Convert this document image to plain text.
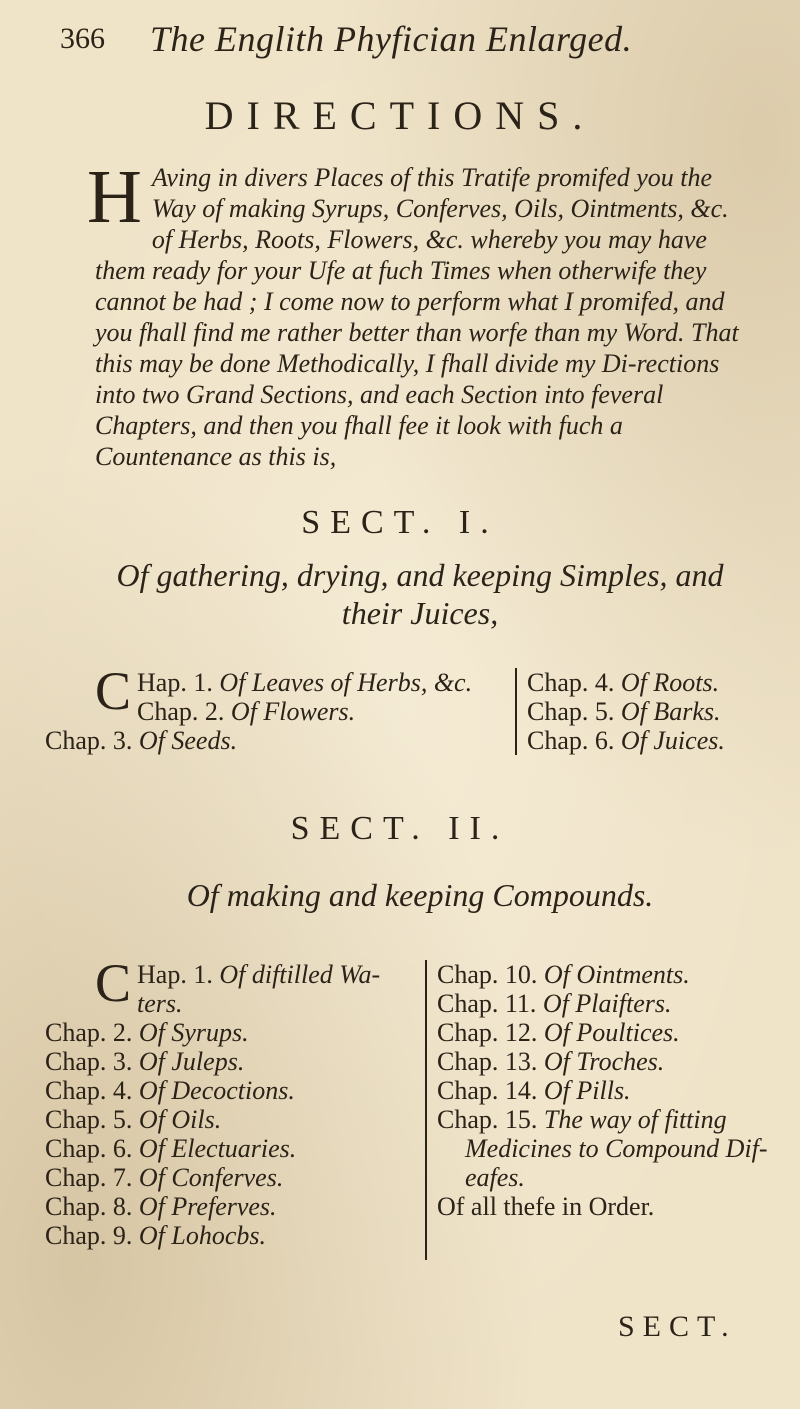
366 The Englith Phyfician Enlarged.
DIRECTIONS.
H Aving in divers Places of this Tratife promifed you the Way of making Syrups, Conferves, Oils, Ointments, &c. of Herbs, Roots, Flowers, &c. whereby you may have them ready for your Ufe at fuch Times when otherwife they cannot be had ; I come now to perform what I promifed, and you fhall find me rather better than worfe than my Word. That this may be done Methodically, I fhall divide my Di-rections into two Grand Sections, and each Section into feveral Chapters, and then you fhall fee it look with fuch a Countenance as this is,
SECT. I.
Of gathering, drying, and keeping Simples, and their Juices,
C Hap. 1. Of Leaves of Herbs, &c.
Chap. 2. Of Flowers.
Chap. 3. Of Seeds.
Chap. 4. Of Roots.
Chap. 5. Of Barks.
Chap. 6. Of Juices.
SECT. II.
Of making and keeping Compounds.
C Hap. 1. Of diftilled Wa-
ters.
Chap. 2. Of Syrups.
Chap. 3. Of Juleps.
Chap. 4. Of Decoctions.
Chap. 5. Of Oils.
Chap. 6. Of Electuaries.
Chap. 7. Of Conferves.
Chap. 8. Of Preferves.
Chap. 9. Of Lohocbs.
Chap. 10. Of Ointments.
Chap. 11. Of Plaifters.
Chap. 12. Of Poultices.
Chap. 13. Of Troches.
Chap. 14. Of Pills.
Chap. 15. The way of fitting
Medicines to Compound Dif-
eafes.
Of all thefe in Order.
SECT.
